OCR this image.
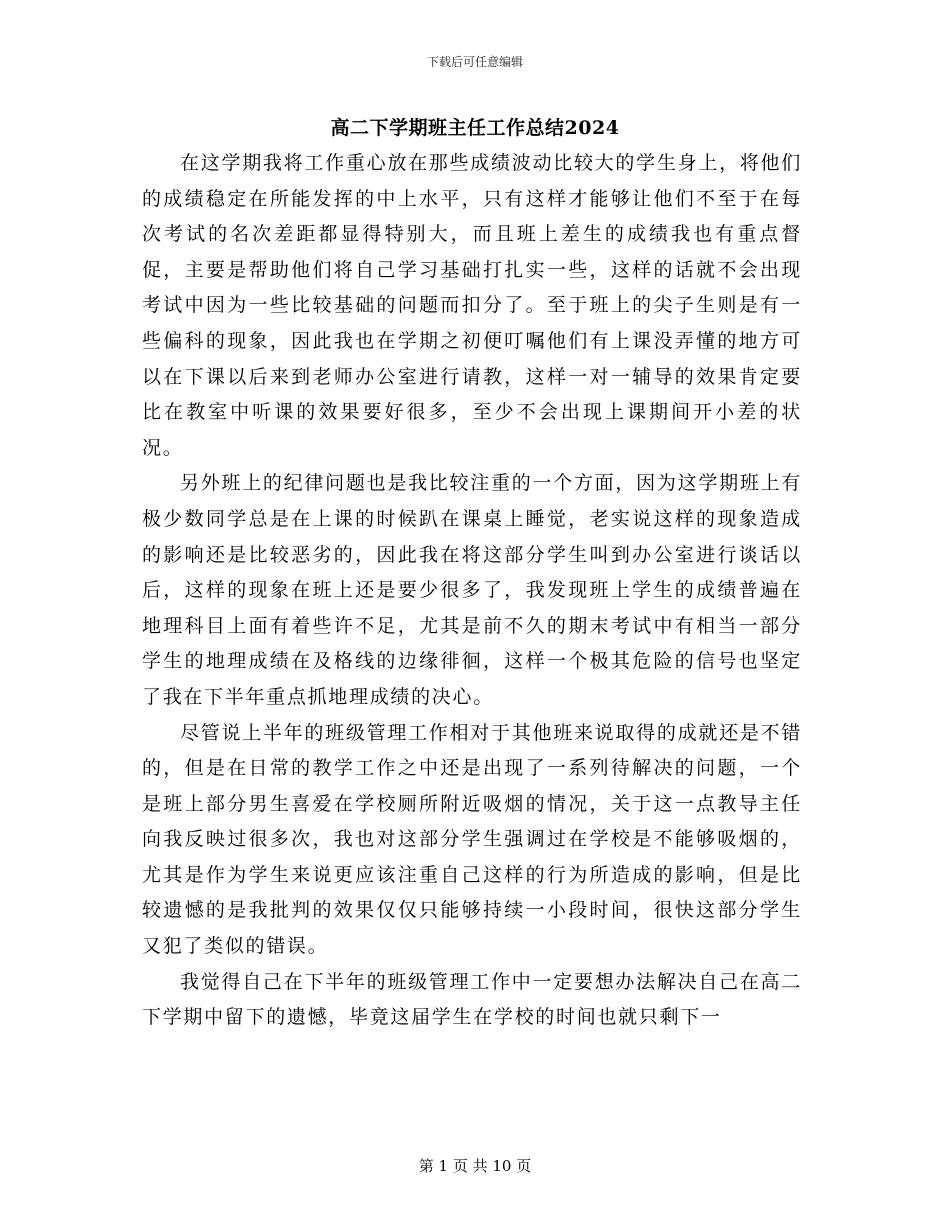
下载后可任意编辑
高二下学期班主任工作总结2024

在这学期我将工作重心放在那些成绩波动比较大的学生身上，将他们的成绩稳定在所能发挥的中上水平，只有这样才能够让他们不至于在每次考试的名次差距都显得特别大，而且班上差生的成绩我也有重点督促，主要是帮助他们将自己学习基础打扎实一些，这样的话就不会出现考试中因为一些比较基础的问题而扣分了。至于班上的尖子生则是有一些偏科的现象，因此我也在学期之初便叮嘱他们有上课没弄懂的地方可以在下课以后来到老师办公室进行请教，这样一对一辅导的效果肯定要比在教室中听课的效果要好很多，至少不会出现上课期间开小差的状况。

另外班上的纪律问题也是我比较注重的一个方面，因为这学期班上有极少数同学总是在上课的时候趴在课桌上睡觉，老实说这样的现象造成的影响还是比较恶劣的，因此我在将这部分学生叫到办公室进行谈话以后，这样的现象在班上还是要少很多了，我发现班上学生的成绩普遍在地理科目上面有着些许不足，尤其是前不久的期末考试中有相当一部分学生的地理成绩在及格线的边缘徘徊，这样一个极其危险的信号也坚定了我在下半年重点抓地理成绩的决心。

尽管说上半年的班级管理工作相对于其他班来说取得的成就还是不错的，但是在日常的教学工作之中还是出现了一系列待解决的问题，一个是班上部分男生喜爱在学校厕所附近吸烟的情况，关于这一点教导主任向我反映过很多次，我也对这部分学生强调过在学校是不能够吸烟的，尤其是作为学生来说更应该注重自己这样的行为所造成的影响，但是比较遗憾的是我批判的效果仅仅只能够持续一小段时间，很快这部分学生又犯了类似的错误。

我觉得自己在下半年的班级管理工作中一定要想办法解决自己在高二下学期中留下的遗憾，毕竟这届学生在学校的时间也就只剩下一

第 1 页 共 10 页
